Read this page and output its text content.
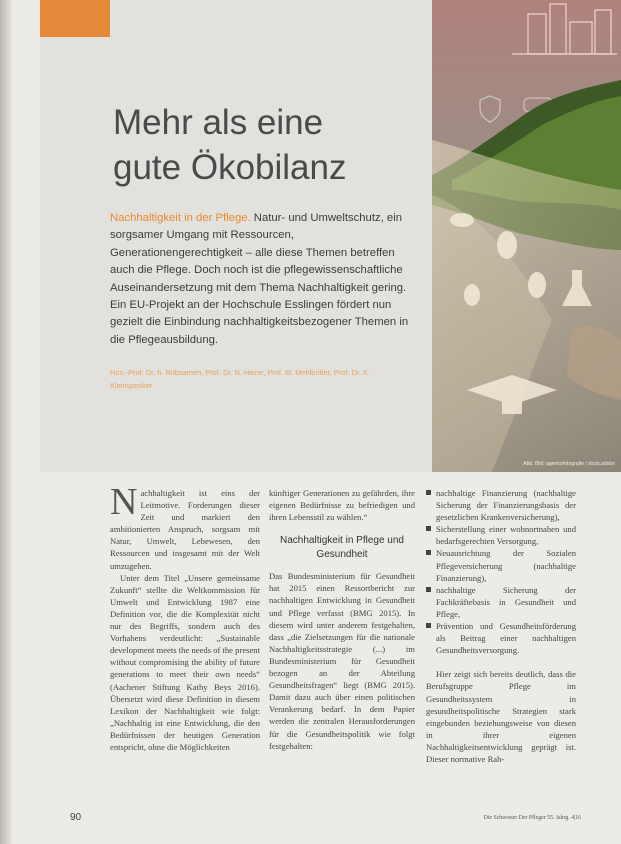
Mehr als eine
gute Ökobilanz
Nachhaltigkeit in der Pflege. Natur- und Umweltschutz, ein sorgsamer Umgang mit Ressourcen, Generationengerechtigkeit – alle diese Themen betreffen auch die Pflege. Doch noch ist die pflegewissenschaftliche Auseinandersetzung mit dem Thema Nachhaltigkeit gering. Ein EU-Projekt an der Hochschule Esslingen fördert nun gezielt die Einbindung nachhaltigkeitsbezogener Themen in die Pflegeausbildung.
Hon.-Prof. Dr. h. Rübsamen, Prof. Dr. N. Heine, Prof. M. Mehlbritter, Prof. Dr. K. Kleinspecker
Abb. Bild: agenturfotografie / stock.adobe

Nachhaltigkeit ist eins der Leitmotive. Forderungen dieser Zeit und markiert den ambitionierten Anspruch, sorgsam mit Natur, Umwelt, Lebewesen, den Ressourcen und insgesamt mit der Welt umzugehen.

Unter dem Titel „Unsere gemeinsame Zukunft“ stellte die Weltkommission für Umwelt und Entwicklung 1987 eine Definition vor, die die Komplexität nicht nur des Begriffs, sondern auch des Vorhabens verdeutlicht: „Sustainable development meets the needs of the present without compromising the ability of future generations to meet their own needs“ (Aachener Stiftung Kathy Beys 2016). Übersetzt wird diese Definition in diesem Lexikon der Nachhaltigkeit wie folgt: „Nachhaltig ist eine Entwicklung, die den Bedürfnissen der heutigen Generation entspricht, ohne die Möglichkeiten

künftiger Generationen zu gefährden, ihre eigenen Bedürfnisse zu befriedigen und ihren Lebensstil zu wählen.“

Nachhaltigkeit in Pflege und Gesundheit

Das Bundesministerium für Gesundheit hat 2015 einen Ressortbericht zur nachhaltigen Entwicklung in Gesundheit und Pflege verfasst (BMG 2015). In diesem wird unter anderem festgehalten, dass „die Zielsetzungen für die nationale Nachhaltigkeitsstrategie (...) im Bundesministerium für Gesundheit bezogen an der Abteilung Gesundheitsfragen“ liegt (BMG 2015). Damit dazu auch über einen politischen Verankerung bedarf. In dem Papier werden die zentralen Herausforderungen für die Gesundheitspolitik wie folgt festgehalten:

nachhaltige Finanzierung (nachhaltige Sicherung der Finanzierungsbasis der gesetzlichen Krankenversicherung),
Sicherstellung einer wohnortnahen und bedarfsgerechten Versorgung,
Neuausrichtung der Sozialen Pflegeversicherung (nachhaltige Finanzierung),
nachhaltige Sicherung der Fachkräftebasis in Gesundheit und Pflege,
Prävention und Gesundheitsförderung als Beitrag einer nachhaltigen Gesundheitsversorgung.

Hier zeigt sich bereits deutlich, dass die Berufsgruppe Pflege im Gesundheitssystem in gesundheitspolitische Strategien stark eingebunden beziehungsweise von diesen in ihrer eigenen Nachhaltigkeitsentwicklung geprägt ist. Dieser normative Rah-

90	Die Schwester Der Pfleger 55. Jahrg. 4|16
